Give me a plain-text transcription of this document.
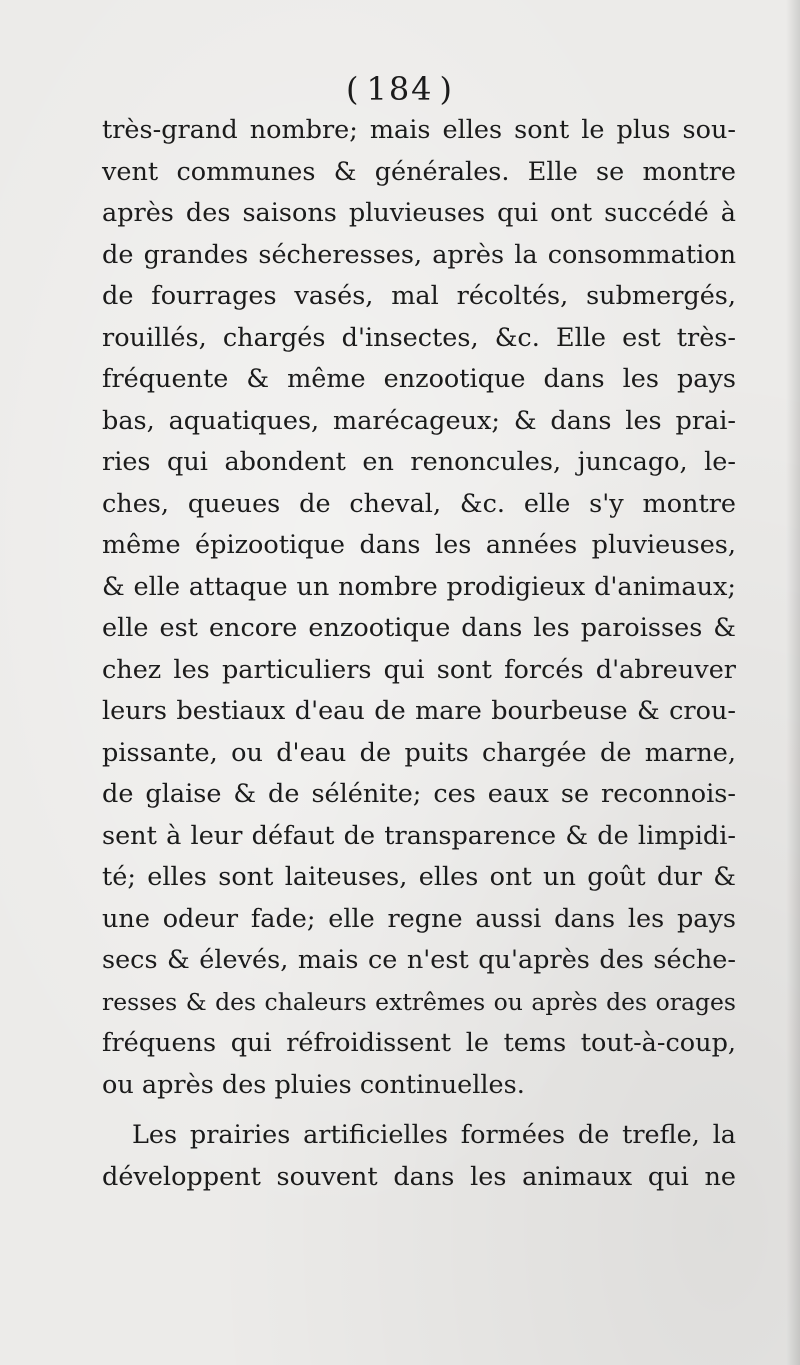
( 184 )
très-grand nombre; mais elles sont le plus sou-
vent communes & générales. Elle se montre
après des saisons pluvieuses qui ont succédé à
de grandes sécheresses, après la consommation
de fourrages vasés, mal récoltés, submergés,
rouillés, chargés d'insectes, &c. Elle est très-
fréquente & même enzootique dans les pays
bas, aquatiques, marécageux; & dans les prai-
ries qui abondent en renoncules, juncago, le-
ches, queues de cheval, &c. elle s'y montre
même épizootique dans les années pluvieuses,
& elle attaque un nombre prodigieux d'animaux;
elle est encore enzootique dans les paroisses &
chez les particuliers qui sont forcés d'abreuver
leurs bestiaux d'eau de mare bourbeuse & crou-
pissante, ou d'eau de puits chargée de marne,
de glaise & de sélénite; ces eaux se reconnois-
sent à leur défaut de transparence & de limpidi-
té; elles sont laiteuses, elles ont un goût dur &
une odeur fade; elle regne aussi dans les pays
secs & élevés, mais ce n'est qu'après des séche-
resses & des chaleurs extrêmes ou après des orages
fréquens qui réfroidissent le tems tout-à-coup,
ou après des pluies continuelles.
Les prairies artificielles formées de trefle, la
développent souvent dans les animaux qui ne
